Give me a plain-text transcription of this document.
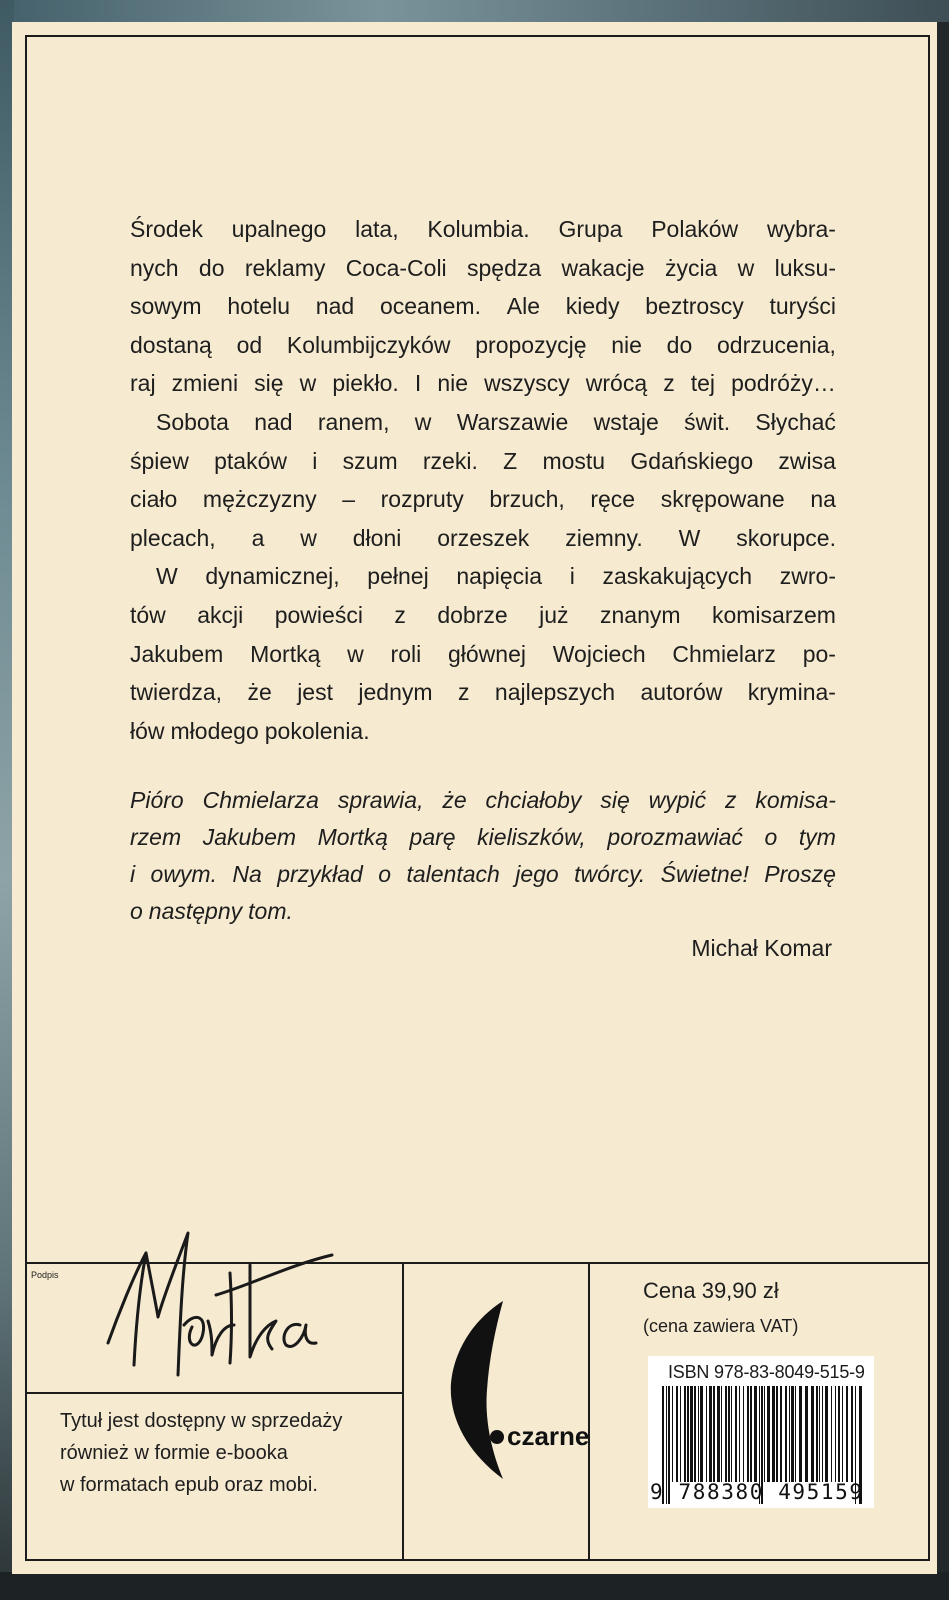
Środek upalnego lata, Kolumbia. Grupa Polaków wybra-
nych do reklamy Coca-Coli spędza wakacje życia w luksu-
sowym hotelu nad oceanem. Ale kiedy beztroscy turyści
dostaną od Kolumbijczyków propozycję nie do odrzucenia,
raj zmieni się w piekło. I nie wszyscy wrócą z tej podróży…
Sobota nad ranem, w Warszawie wstaje świt. Słychać
śpiew ptaków i szum rzeki. Z mostu Gdańskiego zwisa
ciało mężczyzny – rozpruty brzuch, ręce skrępowane na
plecach, a w dłoni orzeszek ziemny. W skorupce.
W dynamicznej, pełnej napięcia i zaskakujących zwro-
tów akcji powieści z dobrze już znanym komisarzem
Jakubem Mortką w roli głównej Wojciech Chmielarz po-
twierdza, że jest jednym z najlepszych autorów krymina-
łów młodego pokolenia.
Pióro Chmielarza sprawia, że chciałoby się wypić z komisa-
rzem Jakubem Mortką parę kieliszków, porozmawiać o tym
i owym. Na przykład o talentach jego twórcy. Świetne! Proszę
o następny tom.
Michał Komar
Podpis
Tytuł jest dostępny w sprzedaży
również w formie e-booka
w formatach epub oraz mobi.
czarne
Cena 39,90 zł
(cena zawiera VAT)
ISBN 978-83-8049-515-9
9 788380 495159
